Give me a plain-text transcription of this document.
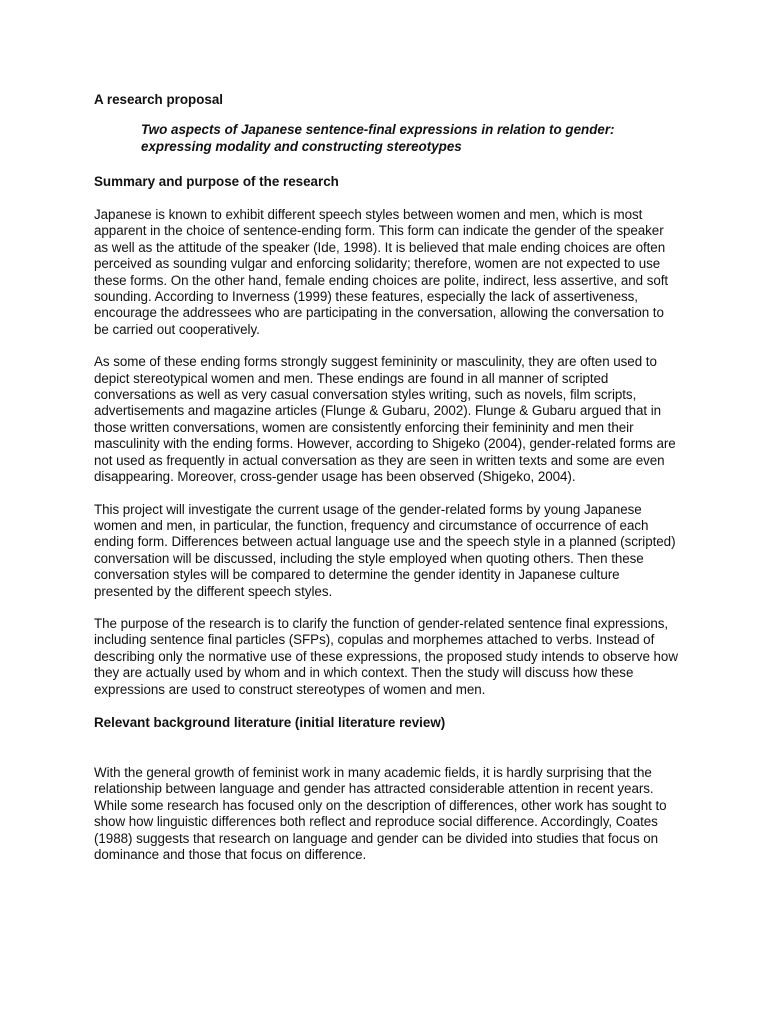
A research proposal

Two aspects of Japanese sentence-final expressions in relation to gender:
expressing modality and constructing stereotypes

Summary and purpose of the research

Japanese is known to exhibit different speech styles between women and men, which is most apparent in the choice of sentence-ending form. This form can indicate the gender of the speaker as well as the attitude of the speaker (Ide, 1998). It is believed that male ending choices are often perceived as sounding vulgar and enforcing solidarity; therefore, women are not expected to use these forms. On the other hand, female ending choices are polite, indirect, less assertive, and soft sounding. According to Inverness (1999) these features, especially the lack of assertiveness, encourage the addressees who are participating in the conversation, allowing the conversation to be carried out cooperatively.

As some of these ending forms strongly suggest femininity or masculinity, they are often used to depict stereotypical women and men. These endings are found in all manner of scripted conversations as well as very casual conversation styles writing, such as novels, film scripts, advertisements and magazine articles (Flunge & Gubaru, 2002). Flunge & Gubaru argued that in those written conversations, women are consistently enforcing their femininity and men their masculinity with the ending forms. However, according to Shigeko (2004), gender-related forms are not used as frequently in actual conversation as they are seen in written texts and some are even disappearing. Moreover, cross-gender usage has been observed (Shigeko, 2004).

This project will investigate the current usage of the gender-related forms by young Japanese women and men, in particular, the function, frequency and circumstance of occurrence of each ending form. Differences between actual language use and the speech style in a planned (scripted) conversation will be discussed, including the style employed when quoting others. Then these conversation styles will be compared to determine the gender identity in Japanese culture presented by the different speech styles.

The purpose of the research is to clarify the function of gender-related sentence final expressions, including sentence final particles (SFPs), copulas and morphemes attached to verbs. Instead of describing only the normative use of these expressions, the proposed study intends to observe how they are actually used by whom and in which context. Then the study will discuss how these expressions are used to construct stereotypes of women and men.

Relevant background literature (initial literature review)

With the general growth of feminist work in many academic fields, it is hardly surprising that the relationship between language and gender has attracted considerable attention in recent years. While some research has focused only on the description of differences, other work has sought to show how linguistic differences both reflect and reproduce social difference. Accordingly, Coates (1988) suggests that research on language and gender can be divided into studies that focus on dominance and those that focus on difference.
